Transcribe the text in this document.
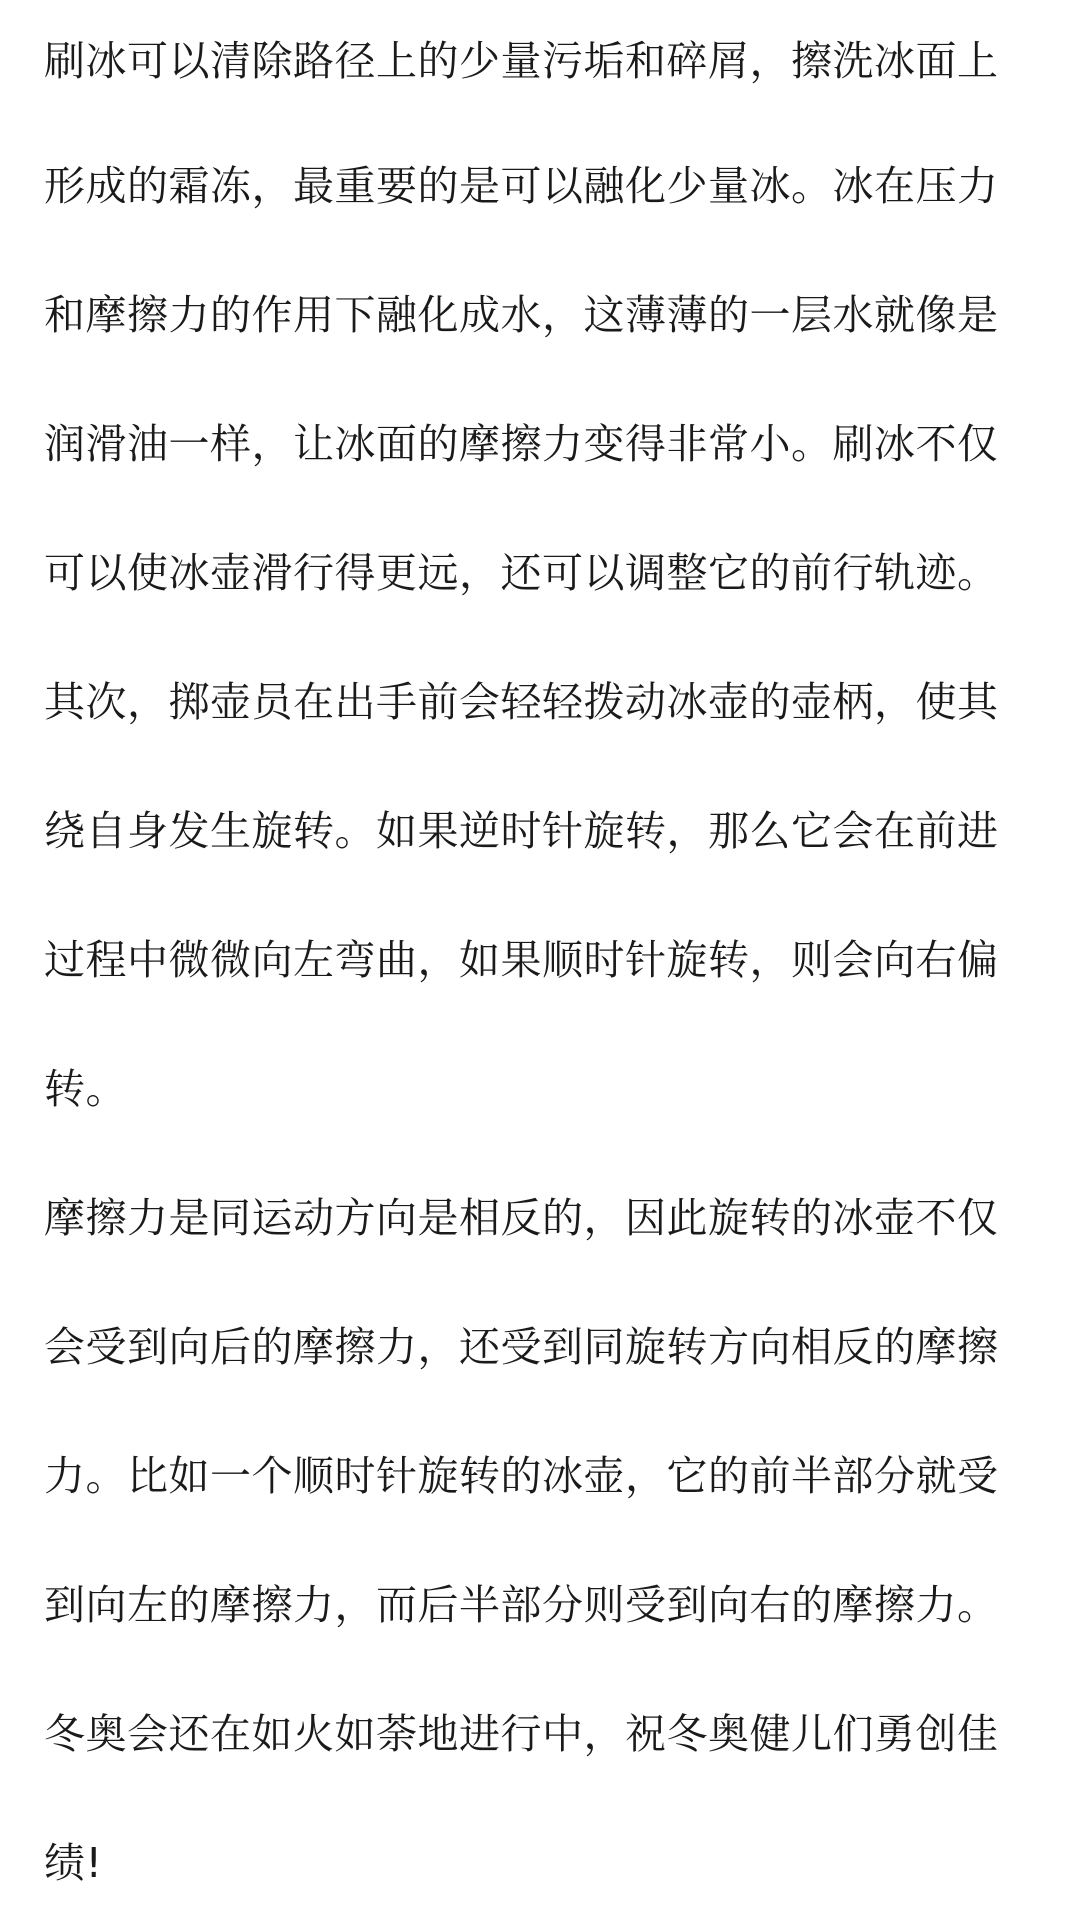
刷冰可以清除路径上的少量污垢和碎屑，擦洗冰面上
形成的霜冻，最重要的是可以融化少量冰。冰在压力
和摩擦力的作用下融化成水，这薄薄的一层水就像是
润滑油一样，让冰面的摩擦力变得非常小。刷冰不仅
可以使冰壶滑行得更远，还可以调整它的前行轨迹。
其次，掷壶员在出手前会轻轻拨动冰壶的壶柄，使其
绕自身发生旋转。如果逆时针旋转，那么它会在前进
过程中微微向左弯曲，如果顺时针旋转，则会向右偏
转。
摩擦力是同运动方向是相反的，因此旋转的冰壶不仅
会受到向后的摩擦力，还受到同旋转方向相反的摩擦
力。比如一个顺时针旋转的冰壶，它的前半部分就受
到向左的摩擦力，而后半部分则受到向右的摩擦力。
冬奥会还在如火如荼地进行中，祝冬奥健儿们勇创佳
绩!
